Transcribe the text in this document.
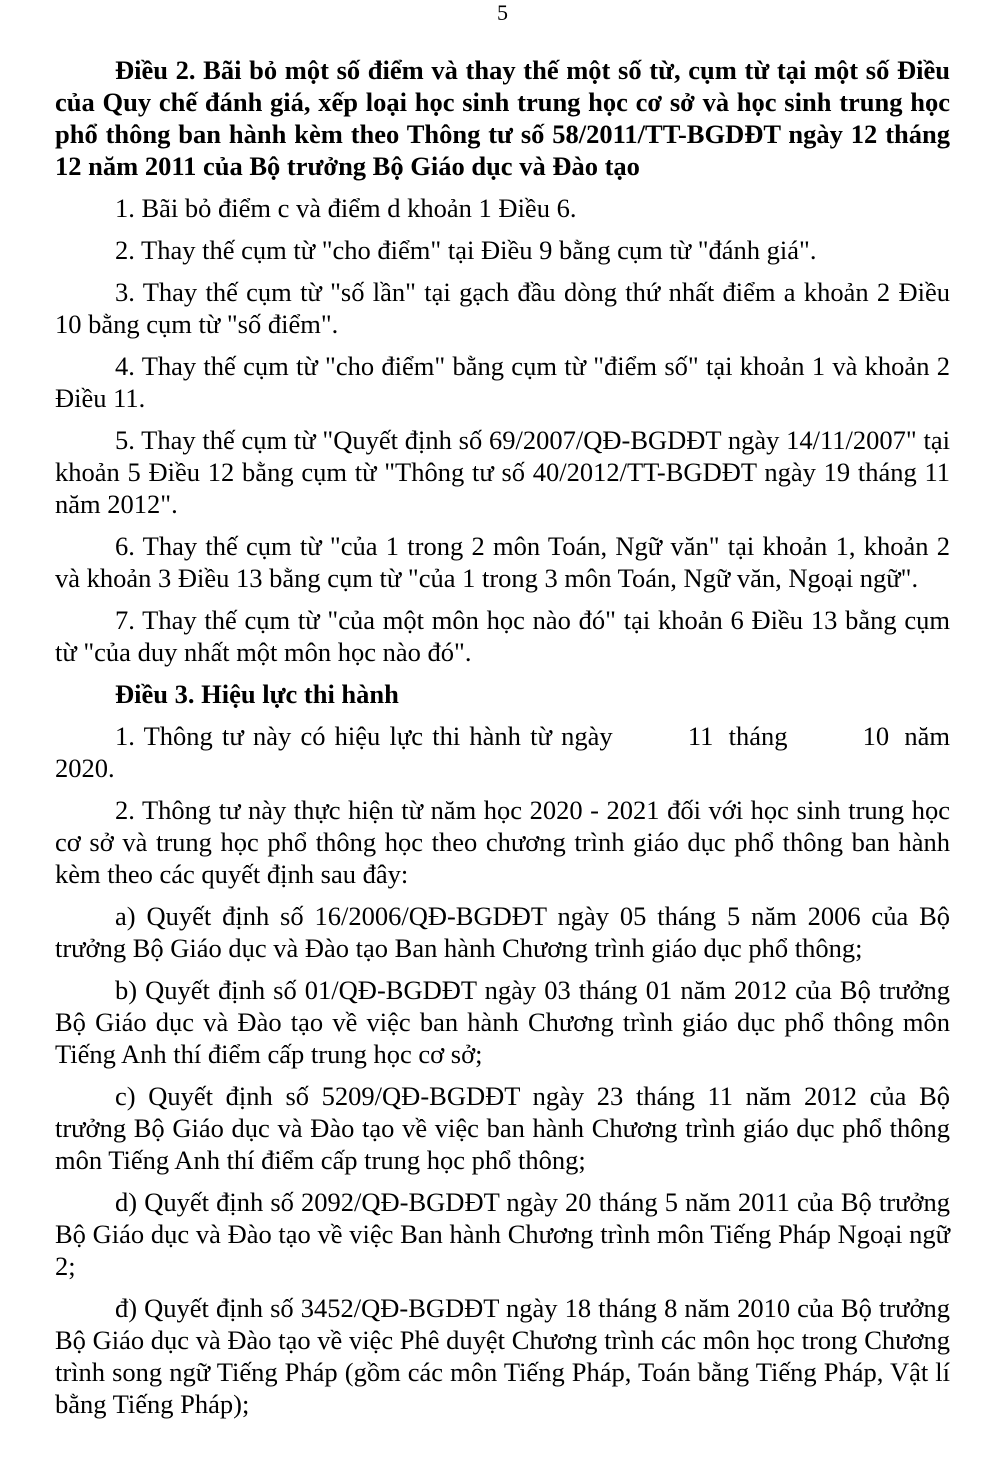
5

Điều 2. Bãi bỏ một số điểm và thay thế một số từ, cụm từ tại một số Điều của Quy chế đánh giá, xếp loại học sinh trung học cơ sở và học sinh trung học phổ thông ban hành kèm theo Thông tư số 58/2011/TT-BGDĐT ngày 12 tháng 12 năm 2011 của Bộ trưởng Bộ Giáo dục và Đào tạo

1. Bãi bỏ điểm c và điểm d khoản 1 Điều 6.

2. Thay thế cụm từ "cho điểm" tại Điều 9 bằng cụm từ "đánh giá".

3. Thay thế cụm từ "số lần" tại gạch đầu dòng thứ nhất điểm a khoản 2 Điều 10 bằng cụm từ "số điểm".

4. Thay thế cụm từ "cho điểm" bằng cụm từ "điểm số" tại khoản 1 và khoản 2 Điều 11.

5. Thay thế cụm từ "Quyết định số 69/2007/QĐ-BGDĐT ngày 14/11/2007" tại khoản 5 Điều 12 bằng cụm từ "Thông tư số 40/2012/TT-BGDĐT ngày 19 tháng 11 năm 2012".

6. Thay thế cụm từ "của 1 trong 2 môn Toán, Ngữ văn" tại khoản 1, khoản 2 và khoản 3 Điều 13 bằng cụm từ "của 1 trong 3 môn Toán, Ngữ văn, Ngoại ngữ".

7. Thay thế cụm từ "của một môn học nào đó" tại khoản 6 Điều 13 bằng cụm từ "của duy nhất một môn học nào đó".

Điều 3. Hiệu lực thi hành

1. Thông tư này có hiệu lực thi hành từ ngày	11 tháng	10 năm 2020.

2. Thông tư này thực hiện từ năm học 2020 - 2021 đối với học sinh trung học cơ sở và trung học phổ thông học theo chương trình giáo dục phổ thông ban hành kèm theo các quyết định sau đây:

a) Quyết định số 16/2006/QĐ-BGDĐT ngày 05 tháng 5 năm 2006 của Bộ trưởng Bộ Giáo dục và Đào tạo Ban hành Chương trình giáo dục phổ thông;

b) Quyết định số 01/QĐ-BGDĐT ngày 03 tháng 01 năm 2012 của Bộ trưởng Bộ Giáo dục và Đào tạo về việc ban hành Chương trình giáo dục phổ thông môn Tiếng Anh thí điểm cấp trung học cơ sở;

c) Quyết định số 5209/QĐ-BGDĐT ngày 23 tháng 11 năm 2012 của Bộ trưởng Bộ Giáo dục và Đào tạo về việc ban hành Chương trình giáo dục phổ thông môn Tiếng Anh thí điểm cấp trung học phổ thông;

d) Quyết định số 2092/QĐ-BGDĐT ngày 20 tháng 5 năm 2011 của Bộ trưởng Bộ Giáo dục và Đào tạo về việc Ban hành Chương trình môn Tiếng Pháp Ngoại ngữ 2;

đ) Quyết định số 3452/QĐ-BGDĐT ngày 18 tháng 8 năm 2010 của Bộ trưởng Bộ Giáo dục và Đào tạo về việc Phê duyệt Chương trình các môn học trong Chương trình song ngữ Tiếng Pháp (gồm các môn Tiếng Pháp, Toán bằng Tiếng Pháp, Vật lí bằng Tiếng Pháp);
